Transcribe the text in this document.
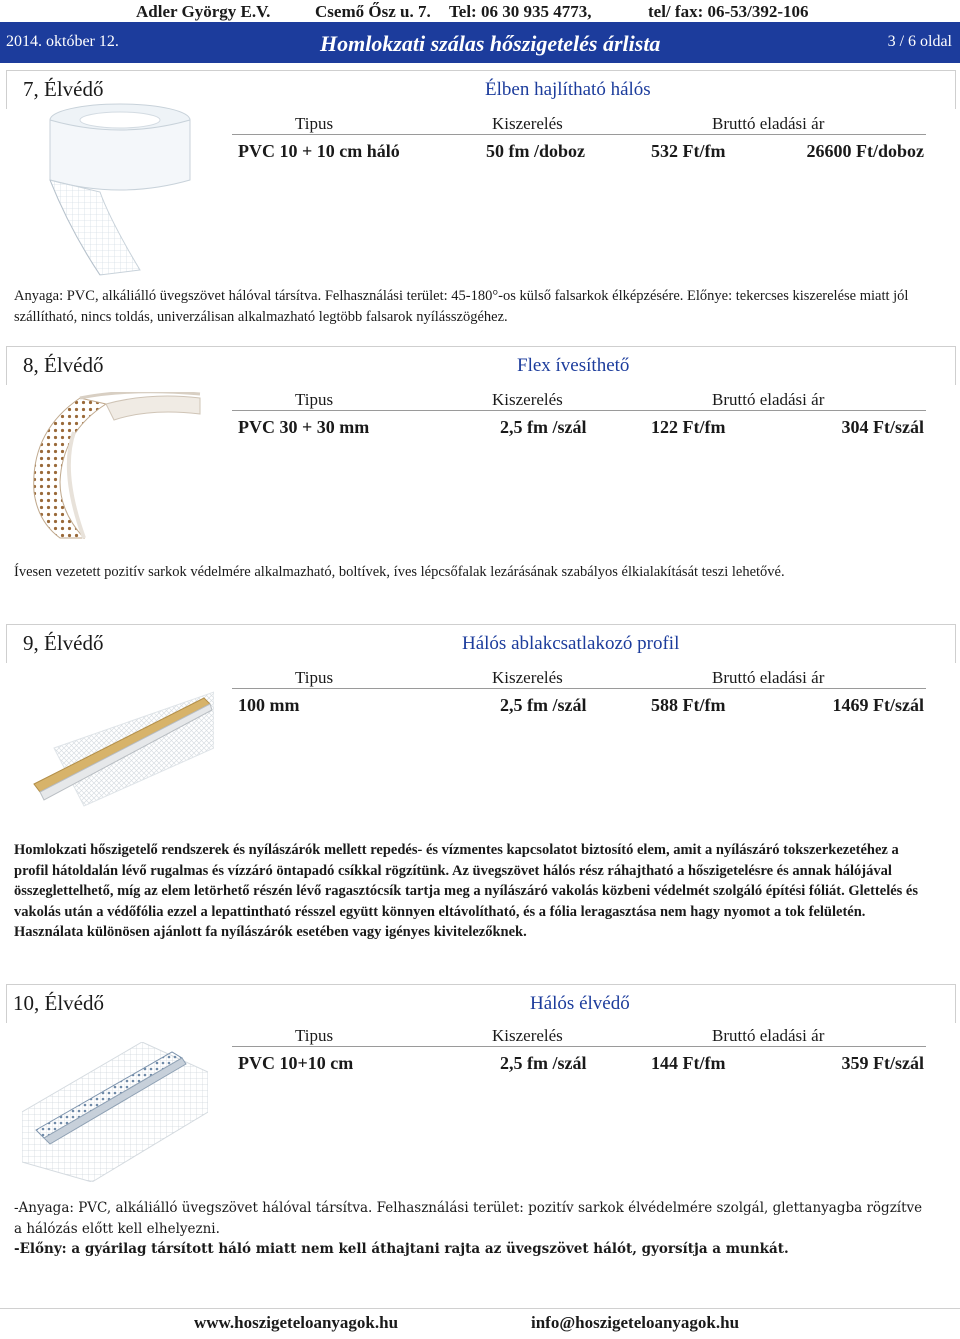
Adler György E.V.	Csemő Ősz u. 7. Tel: 06 30 935 4773,	tel/ fax: 06-53/392-106
2014. október 12.	Homlokzati szálas hőszigetelés árlista	3 / 6 oldal
7, Élvédő	Élben hajlítható hálós
Tipus	Kiszerelés	Bruttó eladási ár
PVC 10 + 10 cm háló	50 fm /doboz	532 Ft/fm	26600 Ft/doboz
Anyaga: PVC, alkáliálló üvegszövet hálóval társítva. Felhasználási terület: 45-180°-os külső falsarkok élképzésére. Előnye: tekercses kiszerelése miatt jól szállítható, nincs toldás, univerzálisan alkalmazható legtöbb falsarok nyílásszögéhez.
8, Élvédő	Flex ívesíthető
Tipus	Kiszerelés	Bruttó eladási ár
PVC 30 + 30 mm	2,5 fm /szál	122 Ft/fm	304 Ft/szál
Ívesen vezetett pozitív sarkok védelmére alkalmazható, boltívek, íves lépcsőfalak lezárásának szabályos élkialakítását teszi lehetővé.
9, Élvédő	Hálós ablakcsatlakozó profil
Tipus	Kiszerelés	Bruttó eladási ár
100 mm	2,5 fm /szál	588 Ft/fm	1469 Ft/szál
Homlokzati hőszigetelő rendszerek és nyílászárók mellett repedés- és vízmentes kapcsolatot biztosító elem, amit a nyílászáró tokszerkezetéhez a profil hátoldalán lévő rugalmas és vízzáró öntapadó csíkkal rögzítünk. Az üvegszövet hálós rész ráhajtható a hőszigetelésre és annak hálójával összeglettelhető, míg az elem letörhető részén lévő ragasztócsík tartja meg a nyílászáró vakolás közbeni védelmét szolgáló építési fóliát. Glettelés és vakolás után a védőfólia ezzel a lepattintható résszel együtt könnyen eltávolítható, és a fólia leragasztása nem hagy nyomot a tok felületén. Használata különösen ajánlott fa nyílászárók esetében vagy igényes kivitelezőknek.
10, Élvédő	Hálós élvédő
Tipus	Kiszerelés	Bruttó eladási ár
PVC 10+10 cm	2,5 fm /szál	144 Ft/fm	359 Ft/szál
-Anyaga: PVC, alkáliálló üvegszövet hálóval társítva. Felhasználási terület: pozitív sarkok élvédelmére szolgál, glettanyagba rögzítve a hálózás előtt kell elhelyezni.
-Előny: a gyárilag társított háló miatt nem kell áthajtani rajta az üvegszövet hálót, gyorsítja a munkát.
www.hoszigeteloanyagok.hu	info@hoszigeteloanyagok.hu
